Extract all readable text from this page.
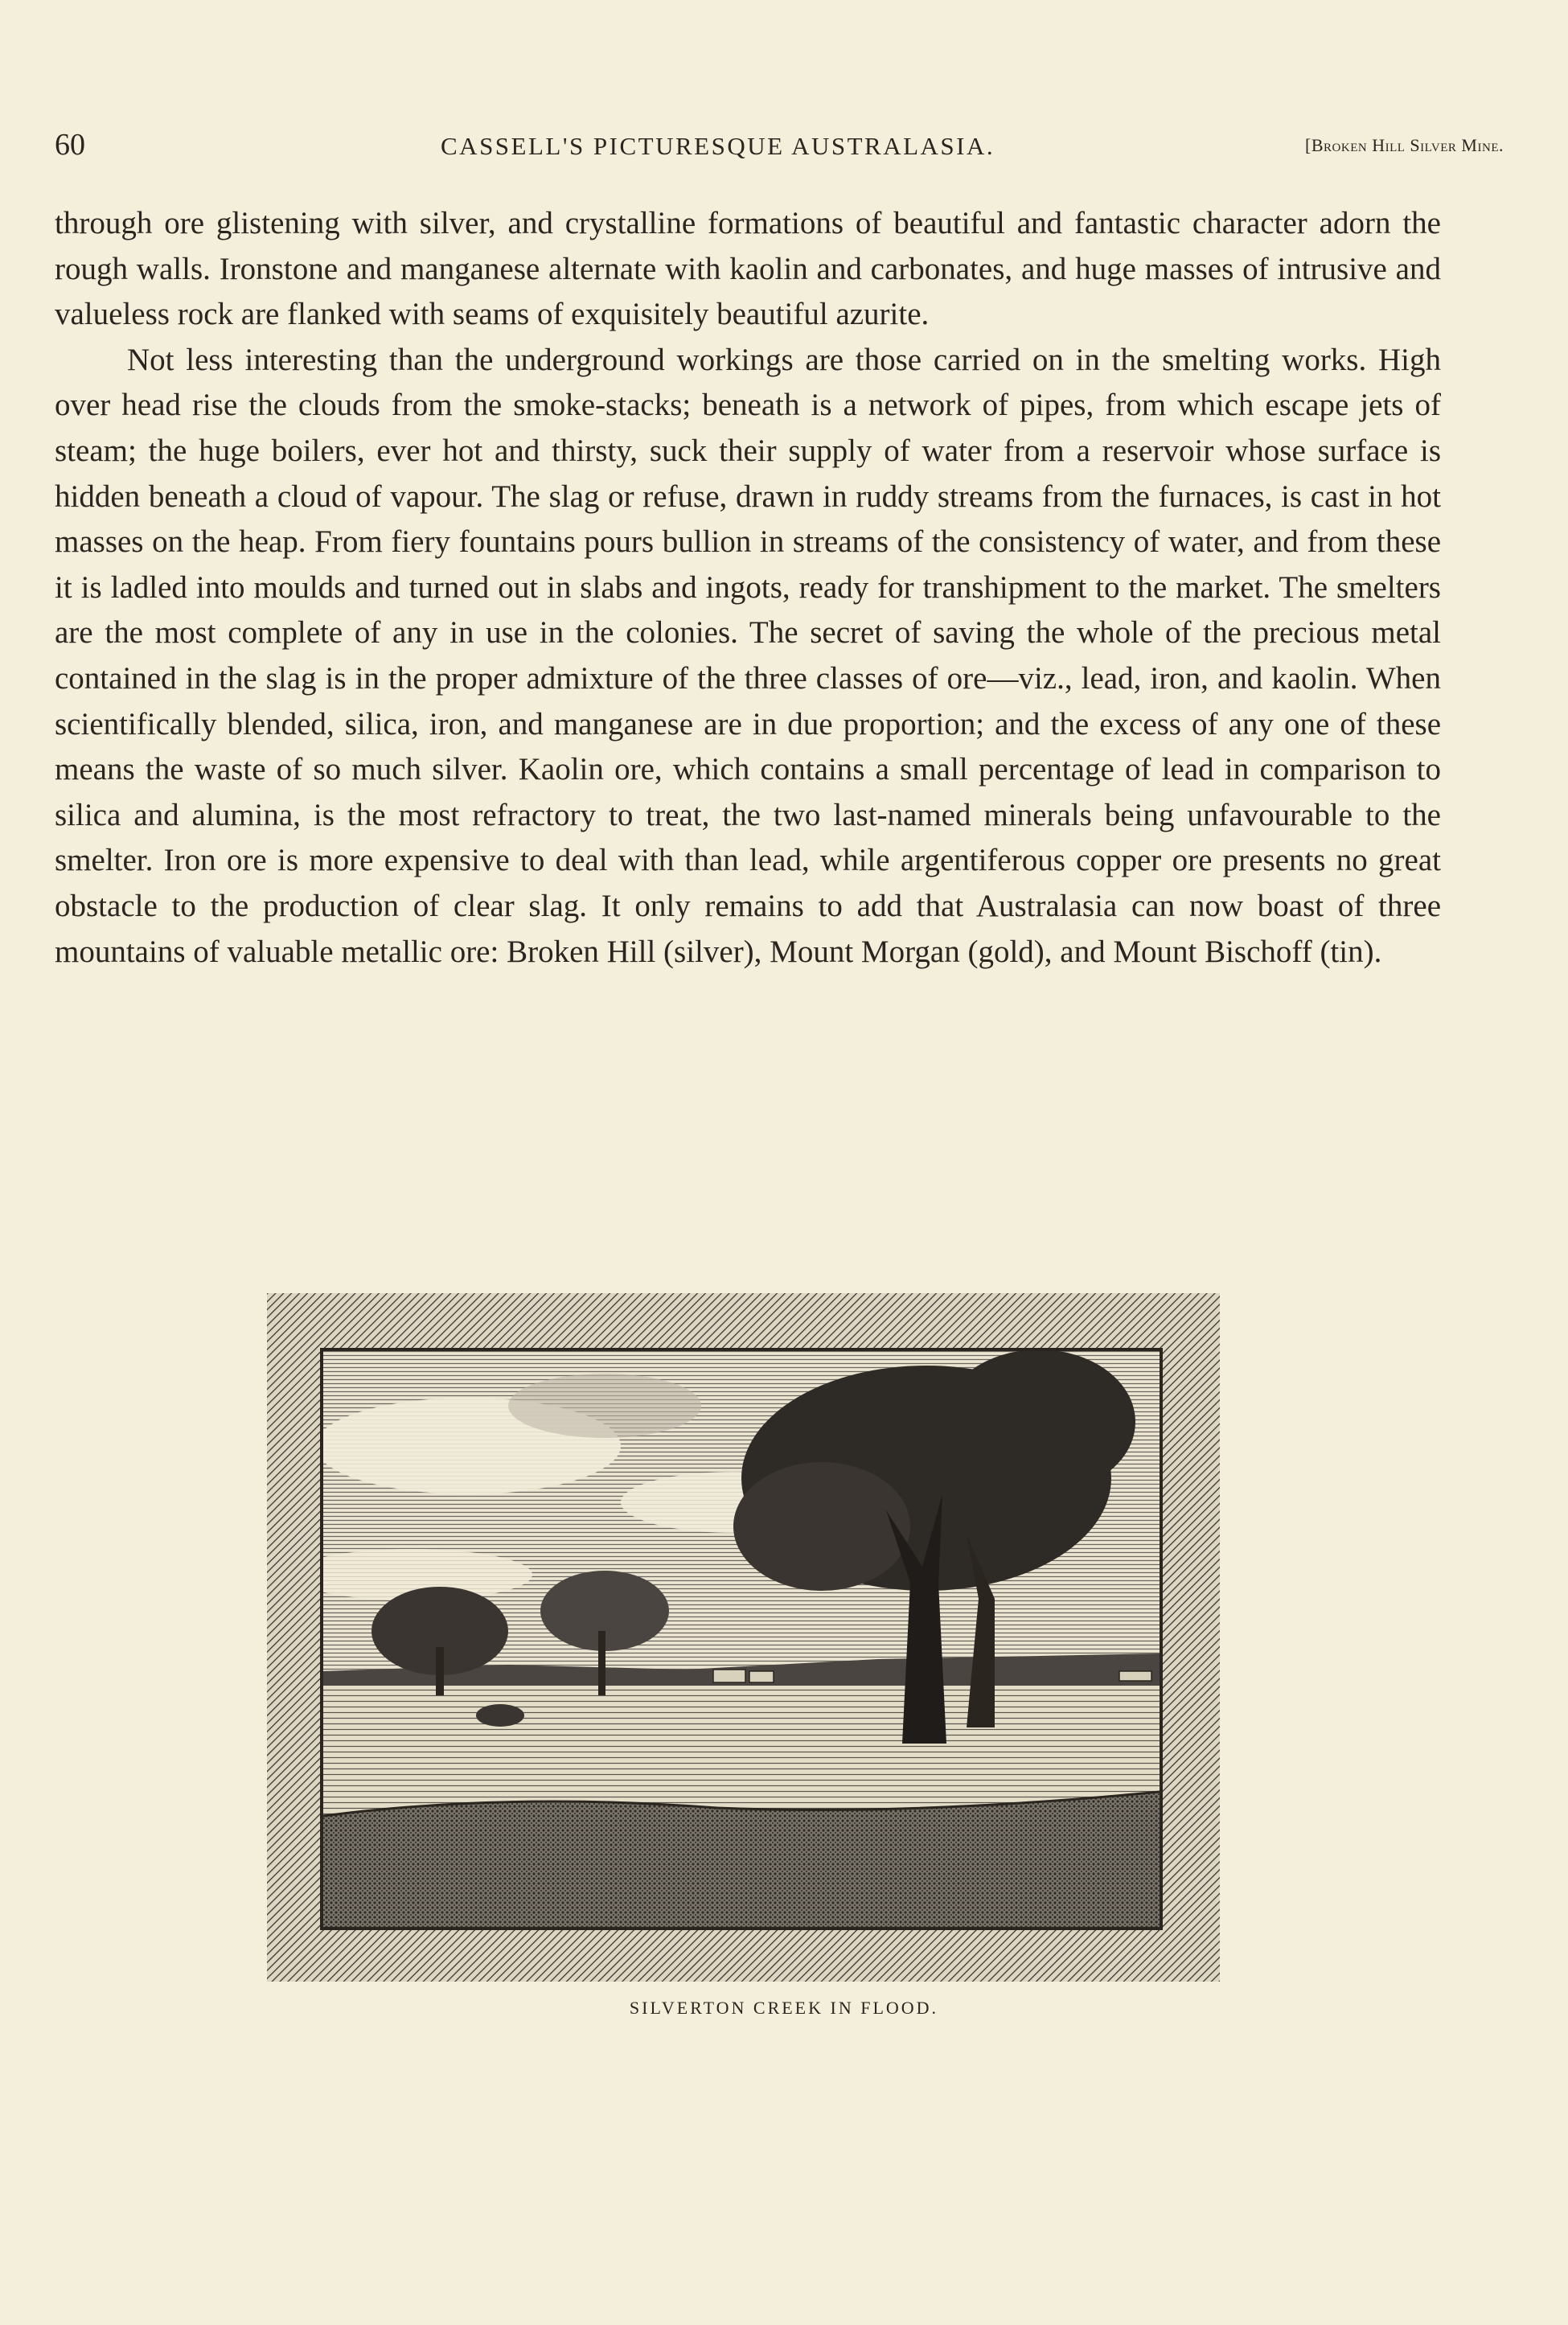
60	CASSELL'S PICTURESQUE AUSTRALASIA.	[Broken Hill Silver Mine.

through ore glistening with silver, and crystalline formations of beautiful and fantastic character adorn the rough walls. Ironstone and manganese alternate with kaolin and carbonates, and huge masses of intrusive and valueless rock are flanked with seams of exquisitely beautiful azurite.

Not less interesting than the underground workings are those carried on in the smelting works. High over head rise the clouds from the smoke-stacks; beneath is a network of pipes, from which escape jets of steam; the huge boilers, ever hot and thirsty, suck their supply of water from a reservoir whose surface is hidden beneath a cloud of vapour. The slag or refuse, drawn in ruddy streams from the furnaces, is cast in hot masses on the heap. From fiery fountains pours bullion in streams of the consistency of water, and from these it is ladled into moulds and turned out in slabs and ingots, ready for transhipment to the market. The smelters are the most complete of any in use in the colonies. The secret of saving the whole of the precious metal contained in the slag is in the proper admixture of the three classes of ore—viz., lead, iron, and kaolin. When scientifically blended, silica, iron, and manganese are in due proportion; and the excess of any one of these means the waste of so much silver. Kaolin ore, which contains a small percentage of lead in comparison to silica and alumina, is the most refractory to treat, the two last-named minerals being unfavourable to the smelter. Iron ore is more expensive to deal with than lead, while argentiferous copper ore presents no great obstacle to the production of clear slag. It only remains to add that Australasia can now boast of three mountains of valuable metallic ore: Broken Hill (silver), Mount Morgan (gold), and Mount Bischoff (tin).

SILVERTON CREEK IN FLOOD.
